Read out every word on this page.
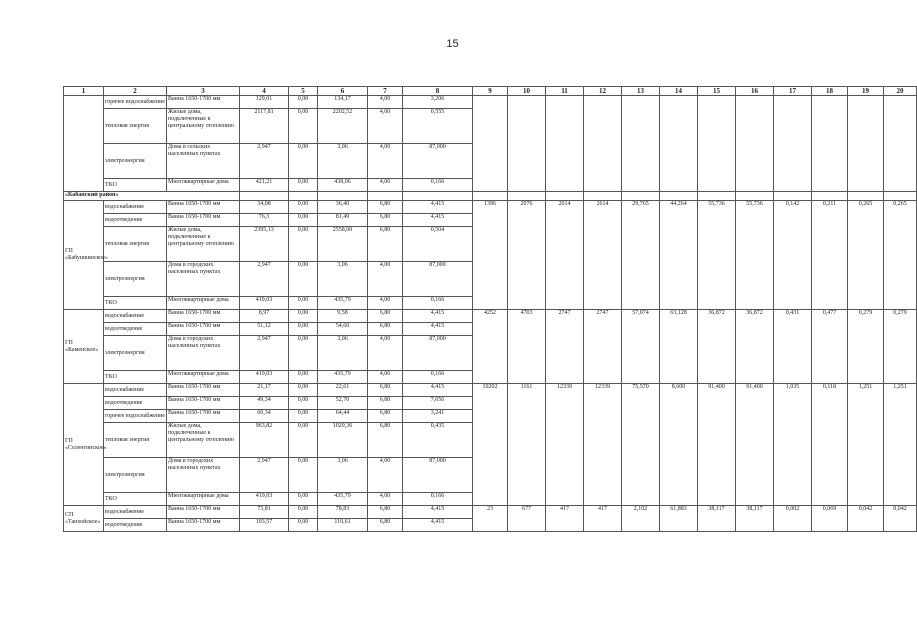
15
1	2	3	4	5	6	7	8	9	10	11	12	13	14	15	16	17	18	19	20
	горячее водоснабжение	Ванна 1650-1700 мм	129,01	0,00	134,17	4,00	3,206												
	тепловая энергия	Жилые дома, подключенные к центральному отоплению	2117,81	0,00	2202,52	4,00	0,555												
	электроэнергия	Дома в сельских населенных пунктах	2,947	0,00	3,06	4,00	87,000												
	ТКО	Многоквартирные дома	421,21	0,00	438,06	4,00	0,166												
«Кабанский район»																			
ГП «Бабушкинское»	водоснабжение	Ванна 1650-1700 мм	34,08	0,00	36,40	6,80	4,415	1396	2076	2614	2614	29,765	44,264	55,736	55,736	0,142	0,211	0,265	0,265
	водоотведение	Ванна 1650-1700 мм	76,3	0,00	81,49	6,80	4,415												
	тепловая энергия	Жилые дома, подключенные к центральному отоплению	2395,13	0,00	2558,00	6,80	0,504												
	электроэнергия	Дома в городских населенных пунктах	2,947	0,00	3,06	4,00	87,000												
	ТКО	Многоквартирные дома	419,03	0,00	435,79	4,00	0,166												
ГП «Каменское»	водоснабжение	Ванна 1650-1700 мм	8,97	0,00	9,58	6,80	4,415	4252	4703	2747	2747	57,074	63,128	36,872	36,872	0,431	0,477	0,279	0,279
	водоотведение	Ванна 1650-1700 мм	51,12	0,00	54,60	6,80	4,415												
	электроэнергия	Дома в городских населенных пунктах	2,947	0,00	3,06	4,00	87,000												
	ТКО	Многоквартирные дома	419,03	0,00	435,79	4,00	0,166												
ГП «Селенгинское»	водоснабжение	Ванна 1650-1700 мм	21,17	0,00	22,61	6,80	4,415	10202	1161	12339	12339	75,570	8,600	91,400	91,400	1,035	0,118	1,251	1,251
	водоотведение	Ванна 1650-1700 мм	49,34	0,00	52,70	6,80	7,656												
	горячее водоснабжение	Ванна 1650-1700 мм	60,34	0,00	64,44	6,80	3,241												
	тепловая энергия	Жилые дома, подключенные к центральному отоплению	963,82	0,00	1029,36	6,80	0,435												
	электроэнергия	Дома в городских населенных пунктах	2,947	0,00	3,06	4,00	87,000												
	ТКО	Многоквартирные дома	419,03	0,00	435,79	4,00	0,166												
СП «Танхойское»	водоснабжение	Ванна 1650-1700 мм	73,81	0,00	78,83	6,80	4,415	23	677	417	417	2,102	61,883	38,117	38,117	0,002	0,069	0,042	0,042
	водоотведение	Ванна 1650-1700 мм	103,57	0,00	110,61	6,80	4,415												
